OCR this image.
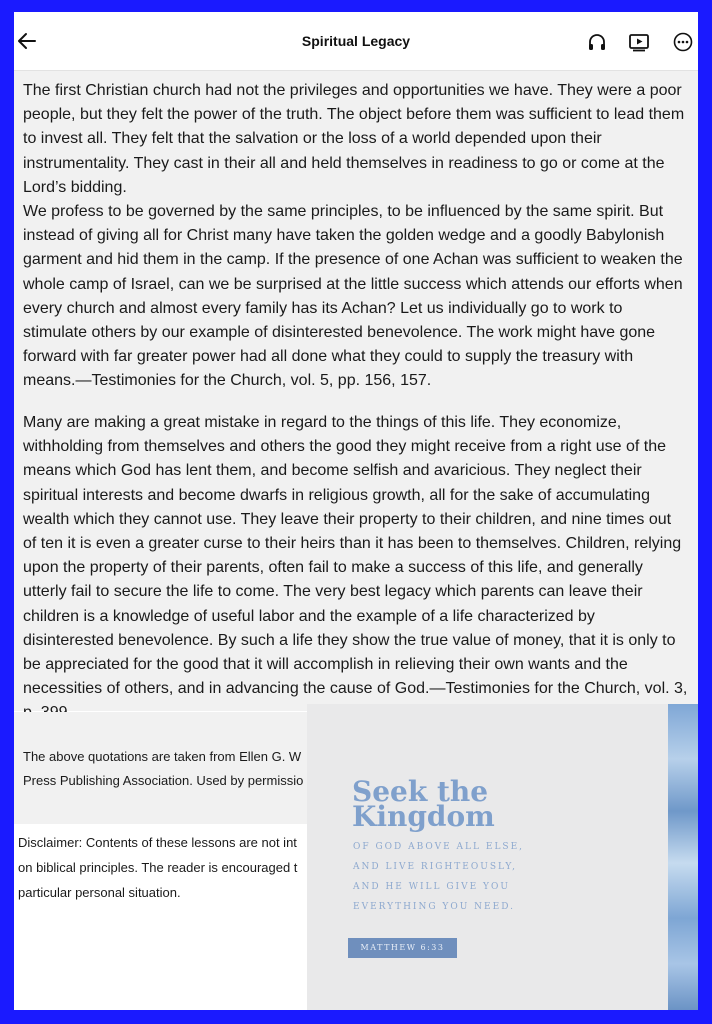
Spiritual Legacy

The first Christian church had not the privileges and opportunities we have. They were a poor people, but they felt the power of the truth. The object before them was sufficient to lead them to invest all. They felt that the salvation or the loss of a world depended upon their instrumentality. They cast in their all and held themselves in readiness to go or come at the Lord’s bidding.

We profess to be governed by the same principles, to be influenced by the same spirit. But instead of giving all for Christ many have taken the golden wedge and a goodly Babylonish garment and hid them in the camp. If the presence of one Achan was sufficient to weaken the whole camp of Israel, can we be surprised at the little success which attends our efforts when every church and almost every family has its Achan? Let us individually go to work to stimulate others by our example of disinterested benevolence. The work might have gone forward with far greater power had all done what they could to supply the treasury with means.—Testimonies for the Church, vol. 5, pp. 156, 157.

Many are making a great mistake in regard to the things of this life. They economize, withholding from themselves and others the good they might receive from a right use of the means which God has lent them, and become selfish and avaricious. They neglect their spiritual interests and become dwarfs in religious growth, all for the sake of accumulating wealth which they cannot use. They leave their property to their children, and nine times out of ten it is even a greater curse to their heirs than it has been to themselves. Children, relying upon the property of their parents, often fail to make a success of this life, and generally utterly fail to secure the life to come. The very best legacy which parents can leave their children is a knowledge of useful labor and the example of a life characterized by disinterested benevolence. By such a life they show the true value of money, that it is only to be appreciated for the good that it will accomplish in relieving their own wants and the necessities of others, and in advancing the cause of God.—Testimonies for the Church, vol. 3,

The above quotations are taken from Ellen G. W

Press Publishing Association. Used by permissio

Disclaimer: Contents of these lessons are not int

on biblical principles. The reader is encouraged t

particular personal situation.

Seek the
Kingdom
OF GOD ABOVE ALL ELSE,
AND LIVE RIGHTEOUSLY,
AND HE WILL GIVE YOU
EVERYTHING YOU NEED.
MATTHEW 6:33
